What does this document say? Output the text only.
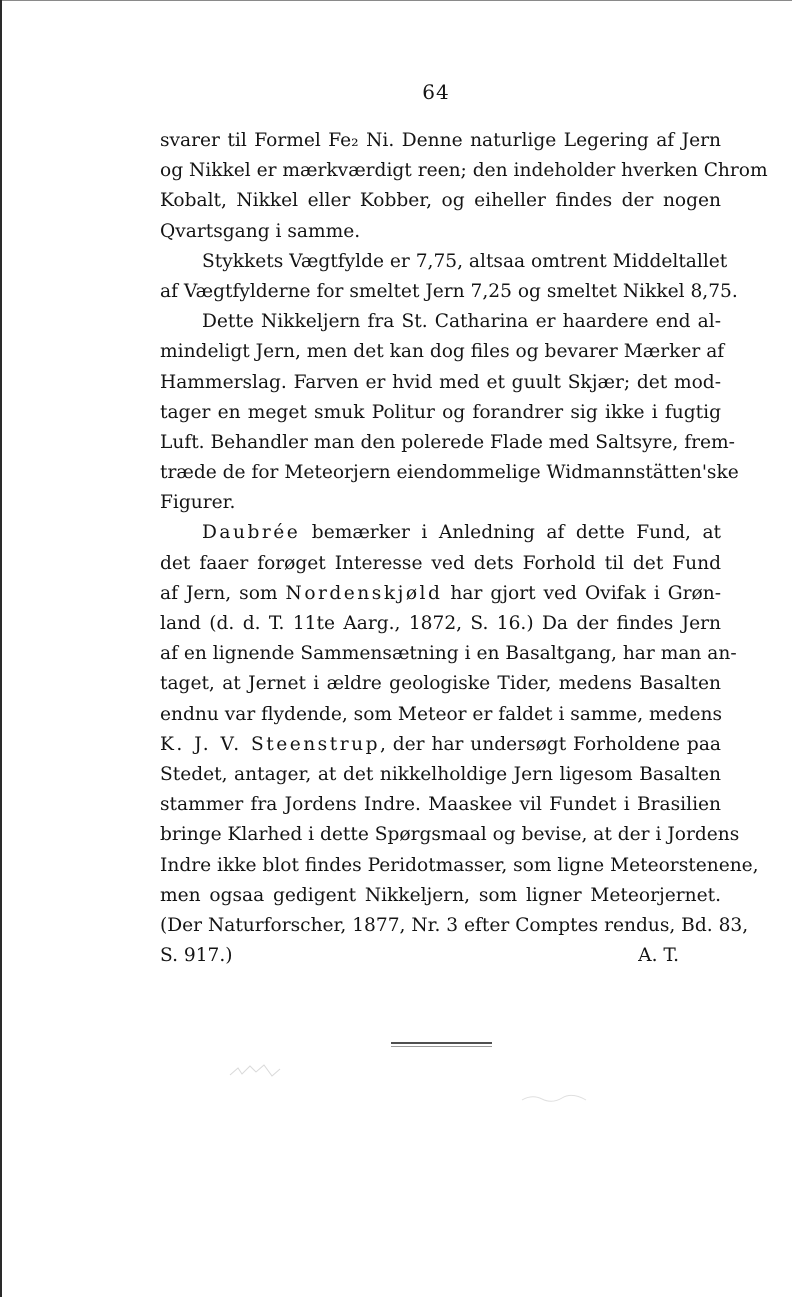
64
svarer til Formel Fe₂ Ni. Denne naturlige Legering af Jern
og Nikkel er mærkværdigt reen; den indeholder hverken Chrom
Kobalt, Nikkel eller Kobber, og eiheller findes der nogen
Qvartsgang i samme.
Stykkets Vægtfylde er 7,75, altsaa omtrent Middeltallet
af Vægtfylderne for smeltet Jern 7,25 og smeltet Nikkel 8,75.
Dette Nikkeljern fra St. Catharina er haardere end al-
mindeligt Jern, men det kan dog files og bevarer Mærker af
Hammerslag. Farven er hvid med et guult Skjær; det mod-
tager en meget smuk Politur og forandrer sig ikke i fugtig
Luft. Behandler man den polerede Flade med Saltsyre, frem-
træde de for Meteorjern eiendommelige Widmannstätten'ske
Figurer.
Daubrée bemærker i Anledning af dette Fund, at
det faaer forøget Interesse ved dets Forhold til det Fund
af Jern, som Nordenskjøld har gjort ved Ovifak i Grøn-
land (d. d. T. 11te Aarg., 1872, S. 16.) Da der findes Jern
af en lignende Sammensætning i en Basaltgang, har man an-
taget, at Jernet i ældre geologiske Tider, medens Basalten
endnu var flydende, som Meteor er faldet i samme, medens
K. J. V. Steenstrup, der har undersøgt Forholdene paa
Stedet, antager, at det nikkelholdige Jern ligesom Basalten
stammer fra Jordens Indre. Maaskee vil Fundet i Brasilien
bringe Klarhed i dette Spørgsmaal og bevise, at der i Jordens
Indre ikke blot findes Peridotmasser, som ligne Meteorstenene,
men ogsaa gedigent Nikkeljern, som ligner Meteorjernet.
(Der Naturforscher, 1877, Nr. 3 efter Comptes rendus, Bd. 83,
S. 917.)	A. T.
